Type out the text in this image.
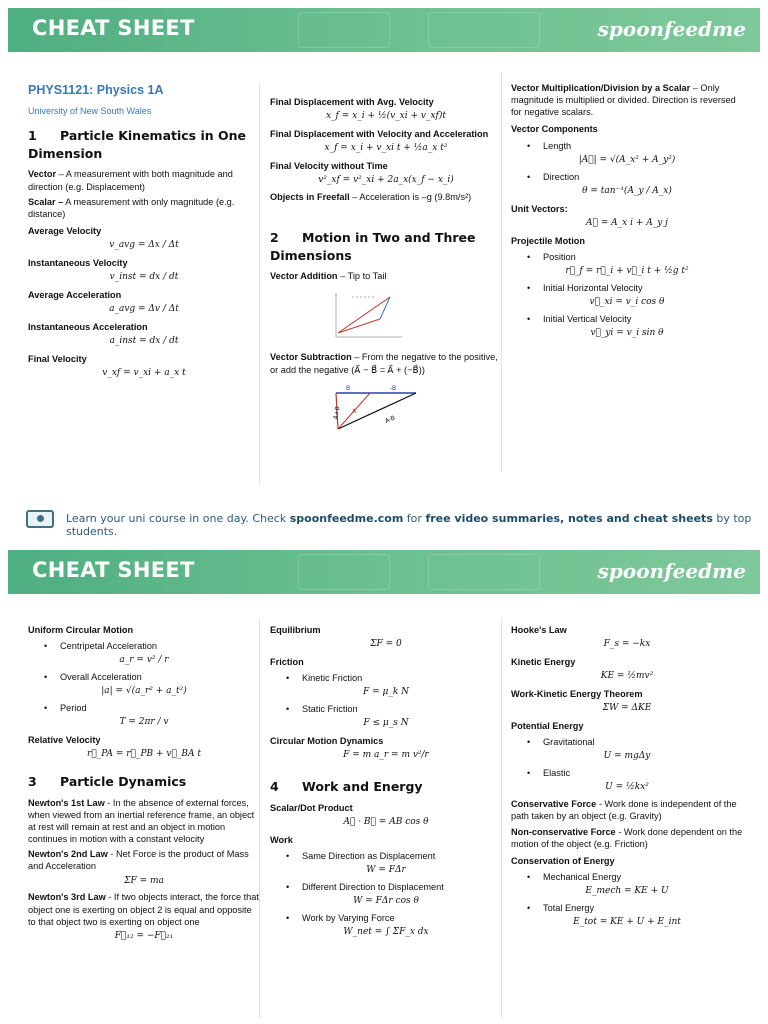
CHEAT SHEET	spoonfeedme
PHYS1121: Physics 1A
University of New South Wales
1 Particle Kinematics in One Dimension

Vector – A measurement with both magnitude and direction (e.g. Displacement)

Scalar – A measurement with only magnitude (e.g. distance)

Average Velocity
v_avg = Δx / Δt
Instantaneous Velocity
v_inst = dx / dt
Average Acceleration
a_avg = Δv / Δt
Instantaneous Acceleration
a_inst = dx / dt
Final Velocity
v_xf = v_xi + a_x t
Final Displacement with Avg. Velocity
x_f = x_i + ½(v_xi + v_xf)t
Final Displacement with Velocity and Acceleration
x_f = x_i + v_xi t + ½a_x t²
Final Velocity without Time
v²_xf = v²_xi + 2a_x(x_f − x_i)

Objects in Freefall – Acceleration is –g (9.8m/s²)

2 Motion in Two and Three Dimensions

Vector Addition – Tip to Tail

Vector Subtraction – From the negative to the positive, or add the negative (A⃗ − B⃗ = A⃗ + (−B⃗))

B	-B
A+B	A-B
A

Vector Multiplication/Division by a Scalar – Only magnitude is multiplied or divided. Direction is reversed for negative scalars.

Vector Components
• Length
|A⃗| = √(A_x² + A_y²)
• Direction
θ = tan⁻¹(A_y / A_x)
Unit Vectors:
A⃗ = A_x i + A_y j
Projectile Motion
• Position
r⃗_f = r⃗_i + v⃗_i t + ½g t²
• Initial Horizontal Velocity
v⃗_xi = v_i cos θ
• Initial Vertical Velocity
v⃗_yi = v_i sin θ
Learn your uni course in one day. Check spoonfeedme.com for free video summaries, notes and cheat sheets by top students.
CHEAT SHEET	spoonfeedme
Uniform Circular Motion
• Centripetal Acceleration
a_r = v² / r
• Overall Acceleration
|a| = √(a_r² + a_t²)
• Period
T = 2πr / v
Relative Velocity
r⃗_PA = r⃗_PB + v⃗_BA t
3 Particle Dynamics

Newton's 1st Law - In the absence of external forces, when viewed from an inertial reference frame, an object at rest will remain at rest and an object in motion continues in motion with a constant velocity

Newton's 2nd Law - Net Force is the product of Mass and Acceleration

ΣF = ma

Newton's 3rd Law - If two objects interact, the force that object one is exerting on object 2 is equal and opposite to that object two is exerting on object one

F⃗₁₂ = −F⃗₂₁
Equilibrium
ΣF = 0
Friction
• Kinetic Friction
F = μ_k N
• Static Friction
F ≤ μ_s N
Circular Motion Dynamics
F = m a_r = m v²/r
4 Work and Energy
Scalar/Dot Product
A⃗ · B⃗ = AB cos θ
Work
• Same Direction as Displacement
W = FΔr
• Different Direction to Displacement
W = FΔr cos θ
• Work by Varying Force
W_net = ∫ ΣF_x dx
Hooke's Law
F_s = −kx
Kinetic Energy
KE = ½mv²
Work-Kinetic Energy Theorem
ΣW = ΔKE
Potential Energy
• Gravitational
U = mgΔy
• Elastic
U = ½kx²

Conservative Force - Work done is independent of the path taken by an object (e.g. Gravity)

Non-conservative Force - Work done dependent on the motion of the object (e.g. Friction)

Conservation of Energy
• Mechanical Energy
E_mech = KE + U
• Total Energy
E_tot = KE + U + E_int
